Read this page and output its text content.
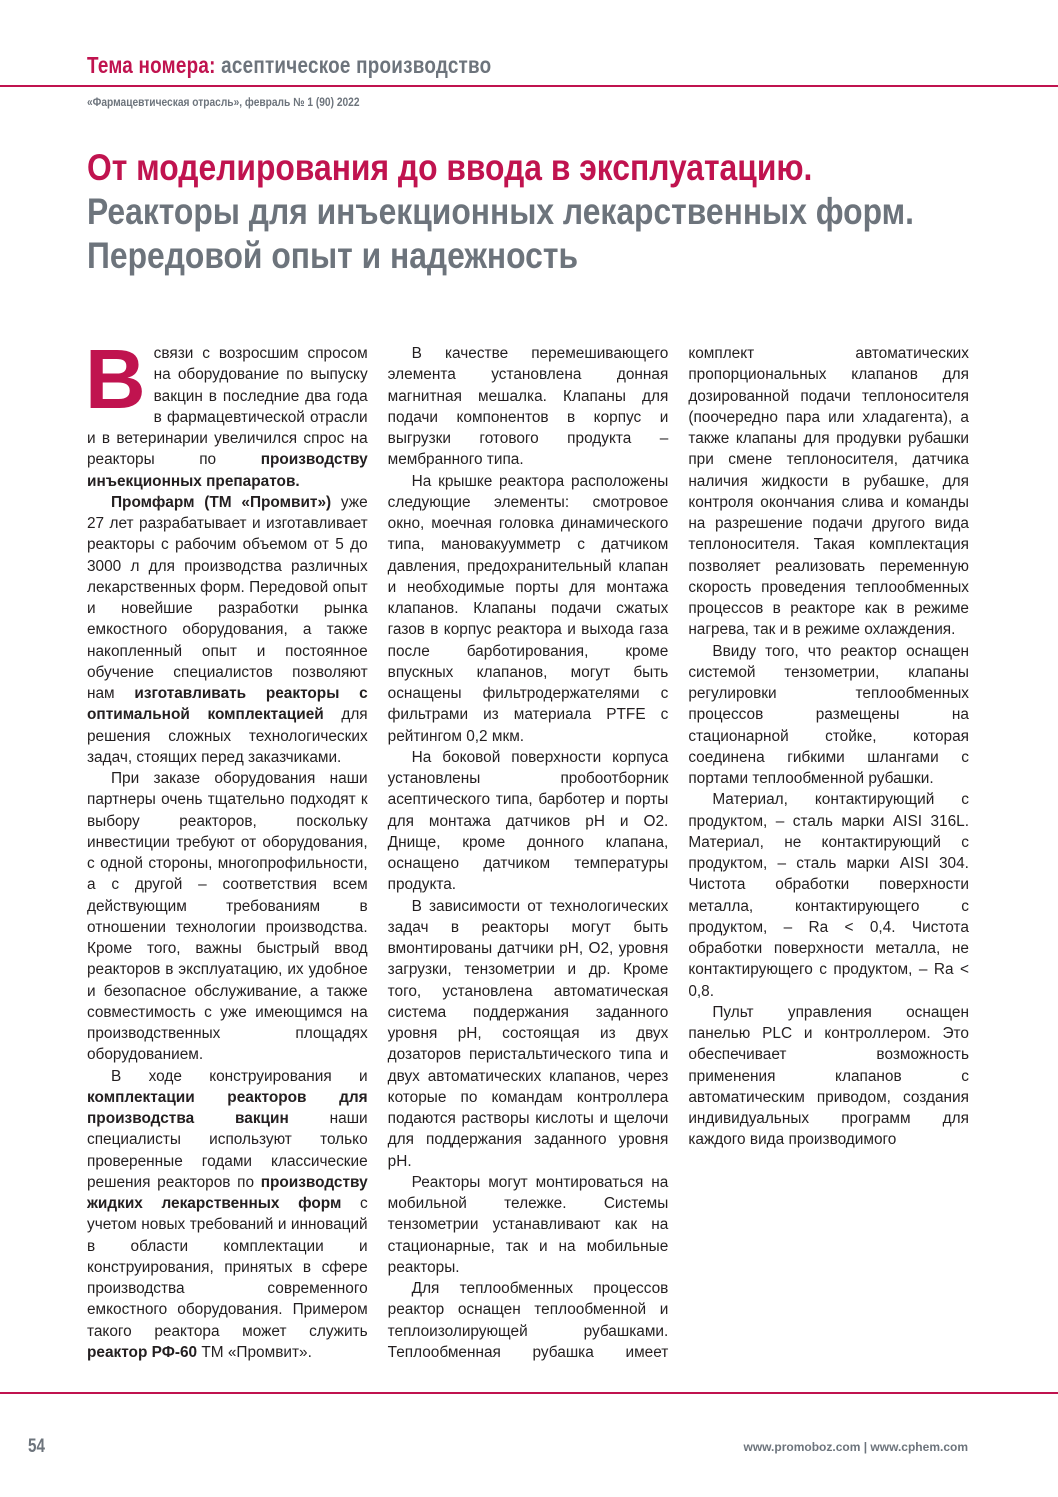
Тема номера: асептическое производство
«Фармацевтическая отрасль», февраль № 1 (90) 2022
От моделирования до ввода в эксплуатацию.
Реакторы для инъекционных лекарственных форм.
Передовой опыт и надежность

Всвязи с возросшим спросом на оборудование по выпуску вакцин в последние два года в фармацевтической отрасли и в ветеринарии увеличился спрос на реакторы по производству инъекционных препаратов.

Промфарм (ТМ «Промвит») уже 27 лет разрабатывает и изготавливает реакторы с рабочим объемом от 5 до 3000 л для производства различных лекарственных форм. Передовой опыт и новейшие разработки рынка емкостного оборудования, а также накопленный опыт и постоянное обучение специалистов позволяют нам изготавливать реакторы с оптимальной комплектацией для решения сложных технологических задач, стоящих перед заказчиками.

При заказе оборудования наши партнеры очень тщательно подходят к выбору реакторов, поскольку инвестиции требуют от оборудования, с одной стороны, многопрофильности, а с другой – соответствия всем действующим требованиям в отношении технологии производства. Кроме того, важны быстрый ввод реакторов в эксплуатацию, их удобное и безопасное обслуживание, а также совместимость с уже имеющимся на производственных площадях оборудованием.

В ходе конструирования и комплектации реакторов для производства вакцин наши специалисты используют только проверенные годами классические решения реакторов по производству жидких лекарственных форм с учетом новых требований и инноваций в области комплектации и конструирования, принятых в сфере производства современного емкостного оборудования. Примером такого реактора может служить реактор РФ-60 ТМ «Промвит».

В качестве перемешивающего элемента установлена донная магнитная мешалка. Клапаны для подачи компонентов в корпус и выгрузки готового продукта – мембранного типа.

На крышке реактора расположены следующие элементы: смотровое окно, моечная головка динамического типа, мановакуумметр с датчиком давления, предохранительный клапан и необходимые порты для монтажа клапанов. Клапаны подачи сжатых газов в корпус реактора и выхода газа после барботирования, кроме впускных клапанов, могут быть оснащены фильтродержателями с фильтрами из материала PTFE с рейтингом 0,2 мкм.

На боковой поверхности корпуса установлены пробоотборник асептического типа, барботер и порты для монтажа датчиков pH и O2. Днище, кроме донного клапана, оснащено датчиком температуры продукта.

В зависимости от технологических задач в реакторы могут быть вмонтированы датчики pH, O2, уровня загрузки, тензометрии и др. Кроме того, установлена автоматическая система поддержания заданного уровня pH, состоящая из двух дозаторов перистальтического типа и двух автоматических клапанов, через которые по командам контроллера подаются растворы кислоты и щелочи для поддержания заданного уровня pH.

Реакторы могут монтироваться на мобильной тележке. Системы тензометрии устанавливают как на стационарные, так и на мобильные реакторы.

Для теплообменных процессов реактор оснащен теплообменной и теплоизолирующей рубашками. Теплообменная рубашка имеет комплект автоматических пропорциональных клапанов для дозированной подачи теплоносителя (поочередно пара или хладагента), а также клапаны для продувки рубашки при смене теплоносителя, датчика наличия жидкости в рубашке, для контроля окончания слива и команды на разрешение подачи другого вида теплоносителя. Такая комплектация позволяет реализовать переменную скорость проведения теплообменных процессов в реакторе как в режиме нагрева, так и в режиме охлаждения.

Ввиду того, что реактор оснащен системой тензометрии, клапаны регулировки теплообменных процессов размещены на стационарной стойке, которая соединена гибкими шлангами с портами теплообменной рубашки.

Материал, контактирующий с продуктом, – сталь марки AISI 316L. Материал, не контактирующий с продуктом, – сталь марки AISI 304. Чистота обработки поверхности металла, контактирующего с продуктом, – Ra < 0,4. Чистота обработки поверхности металла, не контактирующего с продуктом, – Ra < 0,8.

Пульт управления оснащен панелью PLC и контроллером. Это обеспечивает возможность применения клапанов с автоматическим приводом, создания индивидуальных программ для каждого вида производимого

54	www.promoboz.com | www.cphem.com
